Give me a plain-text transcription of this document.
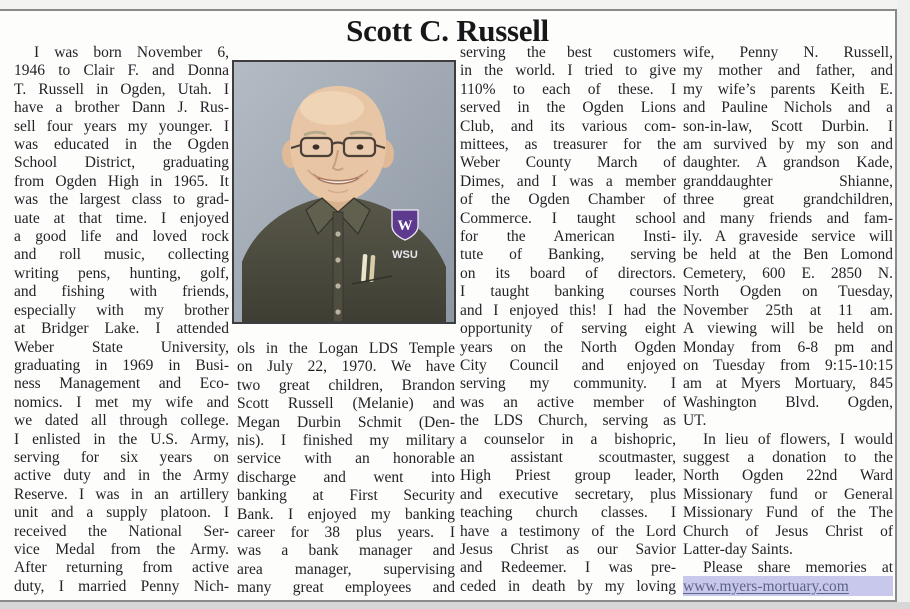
Scott C. Russell
I was born November 6,
1946 to Clair F. and Donna
T. Russell in Ogden, Utah. I
have a brother Dann J. Rus-
sell four years my younger. I
was educated in the Ogden
School District, graduating
from Ogden High in 1965. It
was the largest class to grad-
uate at that time. I enjoyed
a good life and loved rock
and roll music, collecting
writing pens, hunting, golf,
and fishing with friends,
especially with my brother
at Bridger Lake. I attended
Weber State University,
graduating in 1969 in Busi-
ness Management and Eco-
nomics. I met my wife and
we dated all through college.
I enlisted in the U.S. Army,
serving for six years on
active duty and in the Army
Reserve. I was in an artillery
unit and a supply platoon. I
received the National Ser-
vice Medal from the Army.
After returning from active
duty, I married Penny Nich-
W
WSU
ols in the Logan LDS Temple
on July 22, 1970. We have
two great children, Brandon
Scott Russell (Melanie) and
Megan Durbin Schmit (Den-
nis). I finished my military
service with an honorable
discharge and went into
banking at First Security
Bank. I enjoyed my banking
career for 38 plus years. I
was a bank manager and
area manager, supervising
many great employees and
serving the best customers
in the world. I tried to give
110% to each of these. I
served in the Ogden Lions
Club, and its various com-
mittees, as treasurer for the
Weber County March of
Dimes, and I was a member
of the Ogden Chamber of
Commerce. I taught school
for the American Insti-
tute of Banking, serving
on its board of directors.
I taught banking courses
and I enjoyed this! I had the
opportunity of serving eight
years on the North Ogden
City Council and enjoyed
serving my community. I
was an active member of
the LDS Church, serving as
a counselor in a bishopric,
an assistant scoutmaster,
High Priest group leader,
and executive secretary, plus
teaching church classes. I
have a testimony of the Lord
Jesus Christ as our Savior
and Redeemer. I was pre-
ceded in death by my loving
wife, Penny N. Russell,
my mother and father, and
my wife’s parents Keith E.
and Pauline Nichols and a
son-in-law, Scott Durbin. I
am survived by my son and
daughter. A grandson Kade,
granddaughter Shianne,
three great grandchildren,
and many friends and fam-
ily. A graveside service will
be held at the Ben Lomond
Cemetery, 600 E. 2850 N.
North Ogden on Tuesday,
November 25th at 11 am.
A viewing will be held on
Monday from 6-8 pm and
on Tuesday from 9:15-10:15
am at Myers Mortuary, 845
Washington Blvd. Ogden,
UT.
In lieu of flowers, I would
suggest a donation to the
North Ogden 22nd Ward
Missionary fund or General
Missionary Fund of the The
Church of Jesus Christ of
Latter-day Saints.
Please share memories at
www.myers-mortuary.com
